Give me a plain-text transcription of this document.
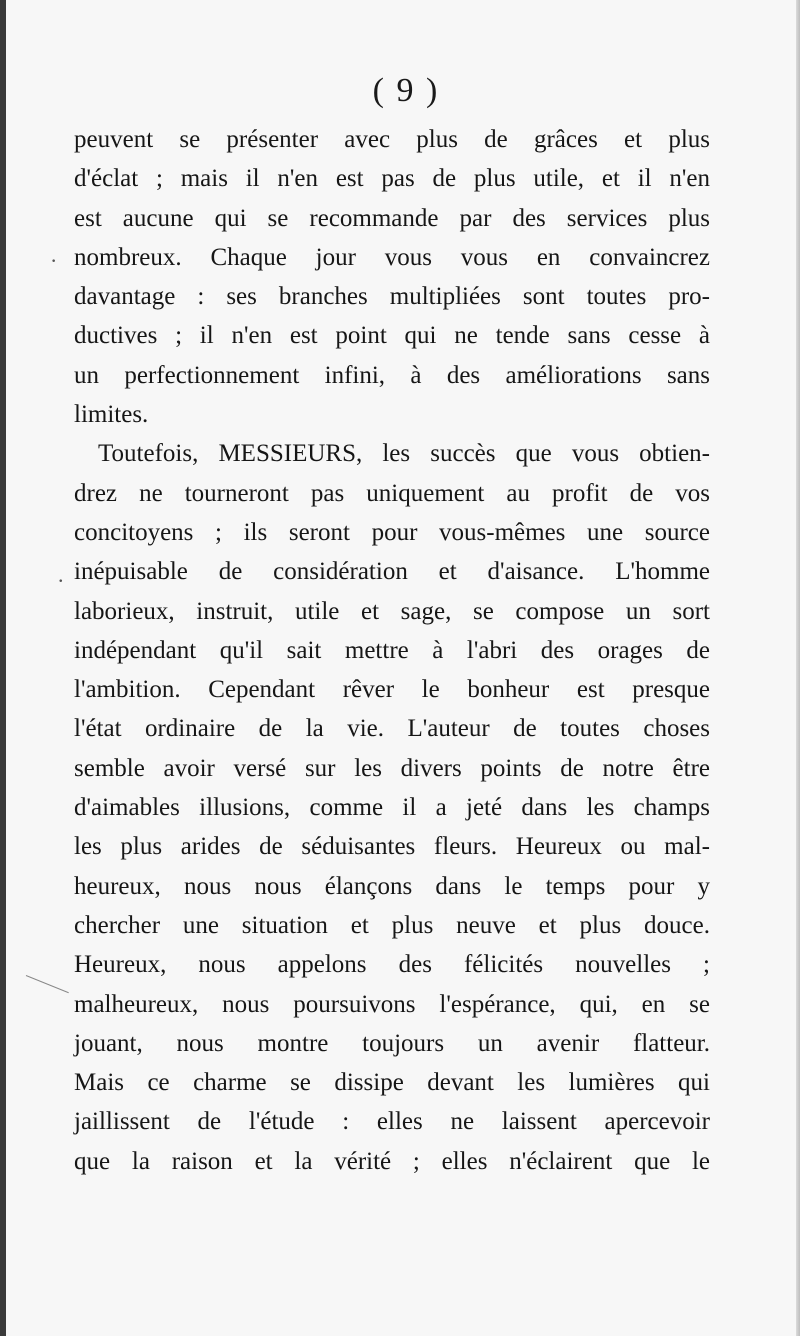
( 9 )
·
.
peuvent se présenter avec plus de grâces et plus
d'éclat ; mais il n'en est pas de plus utile, et il n'en
est aucune qui se recommande par des services plus
nombreux. Chaque jour vous vous en convaincrez
davantage : ses branches multipliées sont toutes pro-
ductives ; il n'en est point qui ne tende sans cesse à
un perfectionnement infini, à des améliorations sans
limites.
Toutefois, MESSIEURS, les succès que vous obtien-
drez ne tourneront pas uniquement au profit de vos
concitoyens ; ils seront pour vous-mêmes une source
inépuisable de considération et d'aisance. L'homme
laborieux, instruit, utile et sage, se compose un sort
indépendant qu'il sait mettre à l'abri des orages de
l'ambition. Cependant rêver le bonheur est presque
l'état ordinaire de la vie. L'auteur de toutes choses
semble avoir versé sur les divers points de notre être
d'aimables illusions, comme il a jeté dans les champs
les plus arides de séduisantes fleurs. Heureux ou mal-
heureux, nous nous élançons dans le temps pour y
chercher une situation et plus neuve et plus douce.
Heureux, nous appelons des félicités nouvelles ;
malheureux, nous poursuivons l'espérance, qui, en se
jouant, nous montre toujours un avenir flatteur.
Mais ce charme se dissipe devant les lumières qui
jaillissent de l'étude : elles ne laissent apercevoir
que la raison et la vérité ; elles n'éclairent que le
